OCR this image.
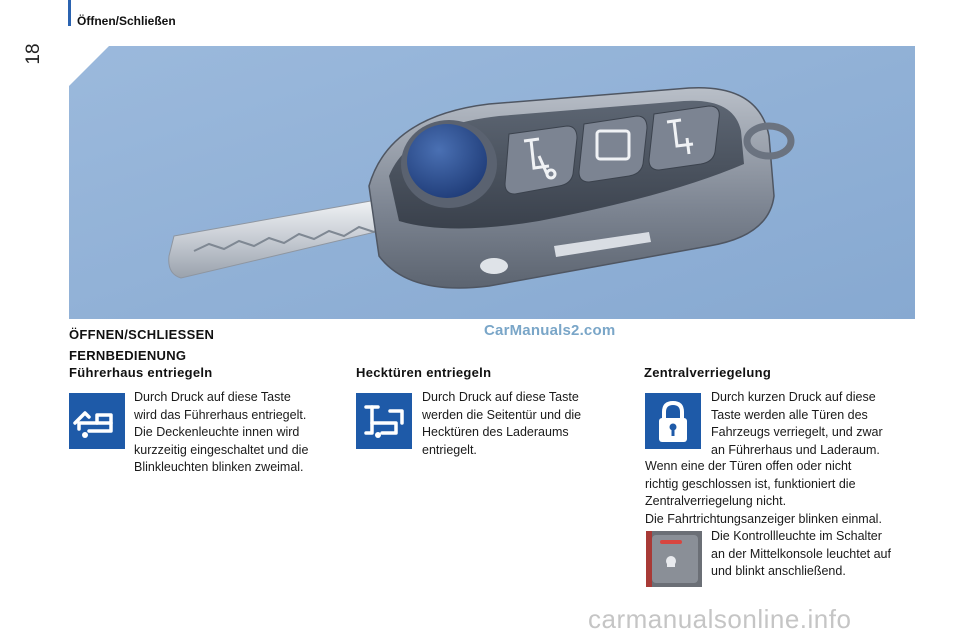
18
Öffnen/Schließen
CarManuals2.com
ÖFFNEN/SCHLIESSEN
FERNBEDIENUNG
Führerhaus entriegeln
Durch Druck auf diese Taste
wird das Führerhaus entriegelt.
Die Deckenleuchte innen wird
kurzzeitig eingeschaltet und die
Blinkleuchten blinken zweimal.
Hecktüren entriegeln
Durch Druck auf diese Taste
werden die Seitentür und die
Hecktüren des Laderaums
entriegelt.
Zentralverriegelung
Durch kurzen Druck auf diese
Taste werden alle Türen des
Fahrzeugs verriegelt, und zwar
an Führerhaus und Laderaum.
Wenn eine der Türen offen oder nicht
richtig geschlossen ist, funktioniert die
Zentralverriegelung nicht.
Die Fahrtrichtungsanzeiger blinken einmal.
Die Kontrollleuchte im Schalter
an der Mittelkonsole leuchtet auf
und blinkt anschließend.
carmanualsonline.info
